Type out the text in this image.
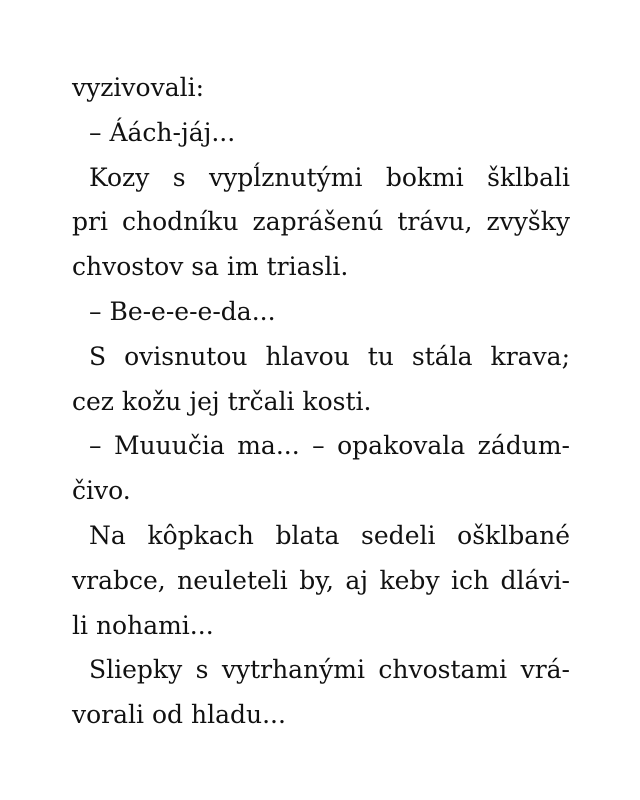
vyzivovali:
– Áách-jáj...
Kozy s vypĺznutými bokmi šklbali
pri chodníku zaprášenú trávu, zvyšky
chvostov sa im triasli.
– Be-e-e-e-da...
S ovisnutou hlavou tu stála krava;
cez kožu jej trčali kosti.
– Muuučia ma... – opakovala zádum-
čivo.
Na kôpkach blata sedeli ošklbané
vrabce, neuleteli by, aj keby ich dlávi-
li nohami...
Sliepky s vytrhanými chvostami vrá-
vorali od hladu...
